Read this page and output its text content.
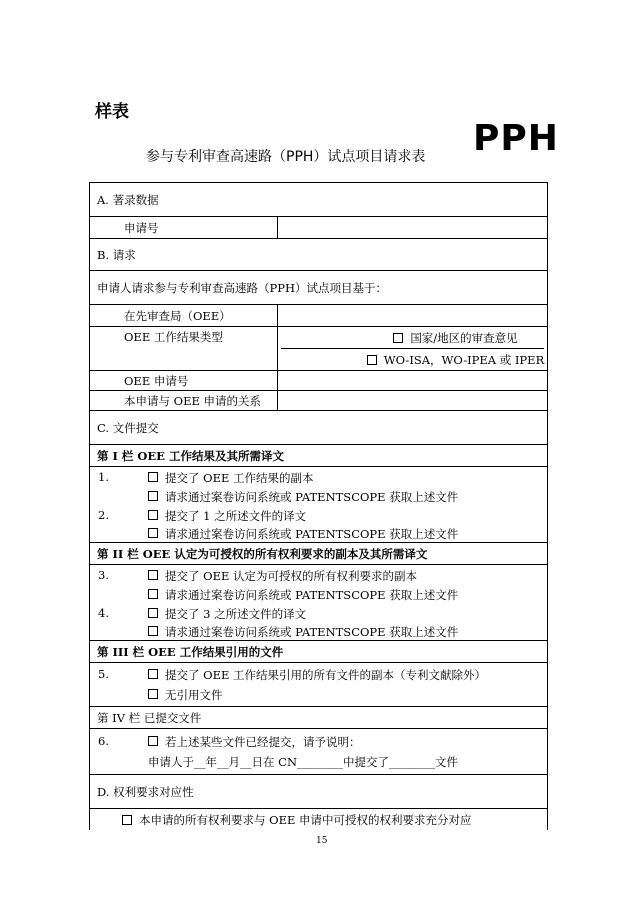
样表
参与专利审查高速路（PPH）试点项目请求表 PPH
A. 著录数据
申请号
B. 请求
申请人请求参与专利审查高速路（PPH）试点项目基于：
在先审查局（OEE）
OEE 工作结果类型	国家/地区的审查意见
WO-ISA，WO-IPEA 或 IPER
OEE 申请号
本申请与 OEE 申请的关系
C. 文件提交
第 I 栏 OEE 工作结果及其所需译文
1.	提交了 OEE 工作结果的副本
请求通过案卷访问系统或 PATENTSCOPE 获取上述文件
2.	提交了 1 之所述文件的译文
请求通过案卷访问系统或 PATENTSCOPE 获取上述文件
第 II 栏 OEE 认定为可授权的所有权利要求的副本及其所需译文
3.	提交了 OEE 认定为可授权的所有权利要求的副本
请求通过案卷访问系统或 PATENTSCOPE 获取上述文件
4.	提交了 3 之所述文件的译文
请求通过案卷访问系统或 PATENTSCOPE 获取上述文件
第 III 栏 OEE 工作结果引用的文件
5.	提交了 OEE 工作结果引用的所有文件的副本（专利文献除外）
无引用文件
第 IV 栏 已提交文件
6.	若上述某些文件已经提交，请予说明：
申请人于__年__月__日在 CN________中提交了________文件
D. 权利要求对应性
本申请的所有权利要求与 OEE 申请中可授权的权利要求充分对应
15
